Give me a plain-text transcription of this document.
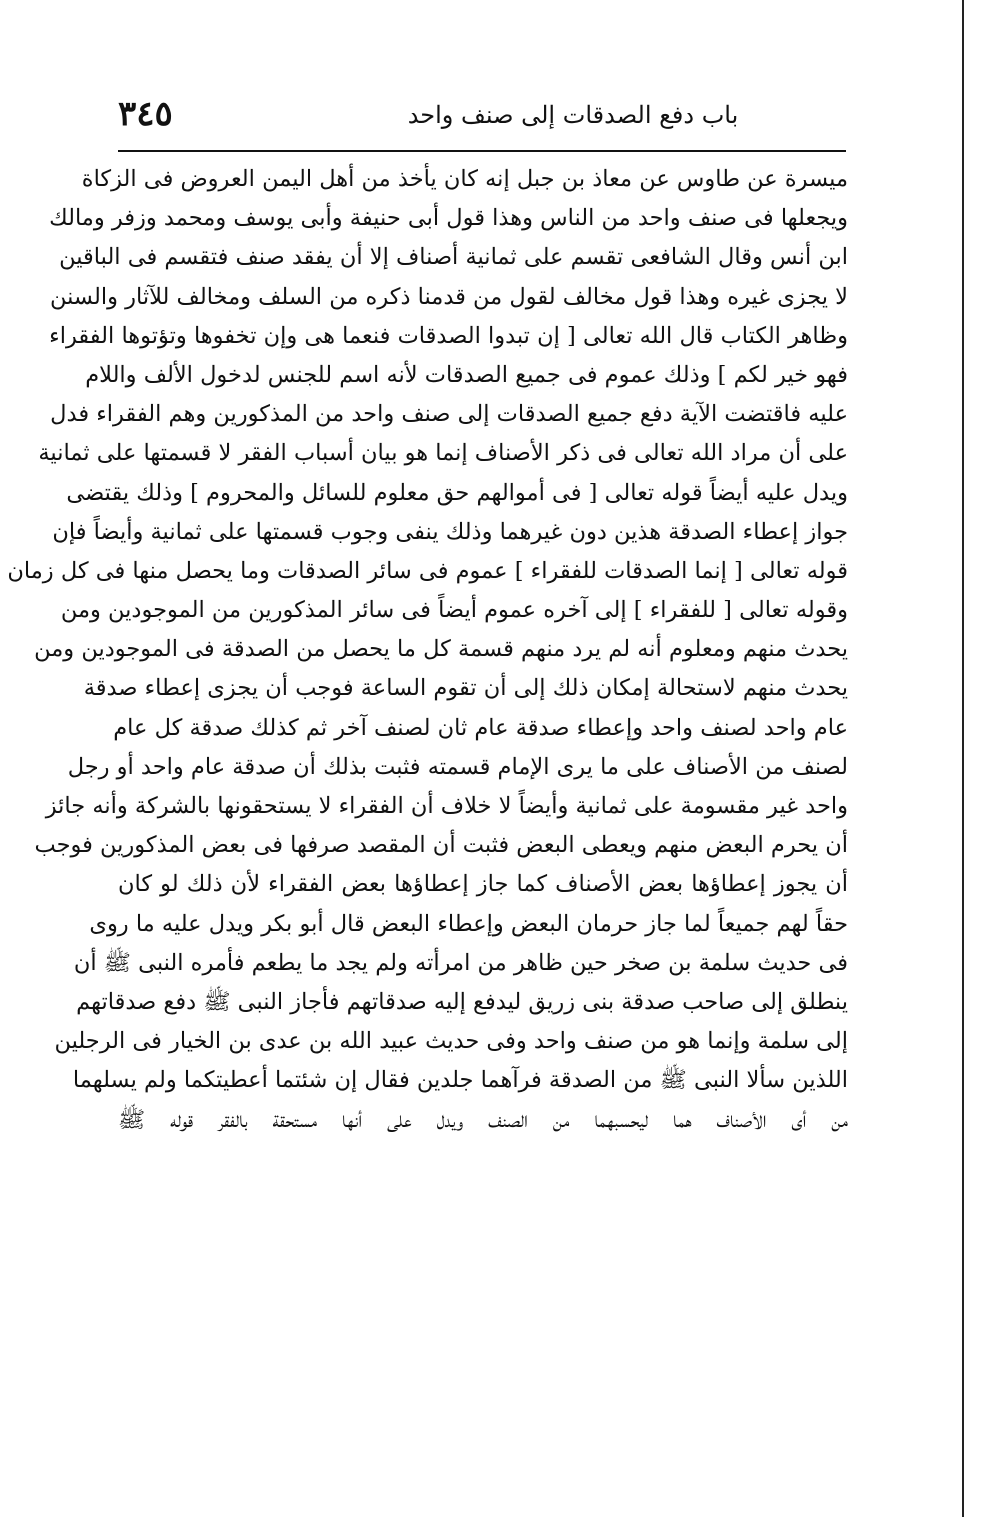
باب دفع الصدقات إلى صنف واحد
٣٤٥
ميسرة عن طاوس عن معاذ بن جبل إنه كان يأخذ من أهل اليمن العروض فى الزكاة
ويجعلها فى صنف واحد من الناس وهذا قول أبى حنيفة وأبى يوسف ومحمد وزفر ومالك
ابن أنس وقال الشافعى تقسم على ثمانية أصناف إلا أن يفقد صنف فتقسم فى الباقين
لا يجزى غيره وهذا قول مخالف لقول من قدمنا ذكره من السلف ومخالف للآثار والسنن
وظاهر الكتاب قال الله تعالى [ إن تبدوا الصدقات فنعما هى وإن تخفوها وتؤتوها الفقراء
فهو خير لكم ] وذلك عموم فى جميع الصدقات لأنه اسم للجنس لدخول الألف واللام
عليه فاقتضت الآية دفع جميع الصدقات إلى صنف واحد من المذكورين وهم الفقراء فدل
على أن مراد الله تعالى فى ذكر الأصناف إنما هو بيان أسباب الفقر لا قسمتها على ثمانية
ويدل عليه أيضاً قوله تعالى [ فى أموالهم حق معلوم للسائل والمحروم ] وذلك يقتضى
جواز إعطاء الصدقة هذين دون غيرهما وذلك ينفى وجوب قسمتها على ثمانية وأيضاً فإن
قوله تعالى [ إنما الصدقات للفقراء ] عموم فى سائر الصدقات وما يحصل منها فى كل زمان
وقوله تعالى [ للفقراء ] إلى آخره عموم أيضاً فى سائر المذكورين من الموجودين ومن
يحدث منهم ومعلوم أنه لم يرد منهم قسمة كل ما يحصل من الصدقة فى الموجودين ومن
يحدث منهم لاستحالة إمكان ذلك إلى أن تقوم الساعة فوجب أن يجزى إعطاء صدقة
عام واحد لصنف واحد وإعطاء صدقة عام ثان لصنف آخر ثم كذلك صدقة كل عام
لصنف من الأصناف على ما يرى الإمام قسمته فثبت بذلك أن صدقة عام واحد أو رجل
واحد غير مقسومة على ثمانية وأيضاً لا خلاف أن الفقراء لا يستحقونها بالشركة وأنه جائز
أن يحرم البعض منهم ويعطى البعض فثبت أن المقصد صرفها فى بعض المذكورين فوجب
أن يجوز إعطاؤها بعض الأصناف كما جاز إعطاؤها بعض الفقراء لأن ذلك لو كان
حقاً لهم جميعاً لما جاز حرمان البعض وإعطاء البعض قال أبو بكر ويدل عليه ما روى
فى حديث سلمة بن صخر حين ظاهر من امرأته ولم يجد ما يطعم فأمره النبى ﷺ أن
ينطلق إلى صاحب صدقة بنى زريق ليدفع إليه صدقاتهم فأجاز النبى ﷺ دفع صدقاتهم
إلى سلمة وإنما هو من صنف واحد وفى حديث عبيد الله بن عدى بن الخيار فى الرجلين
اللذين سألا النبى ﷺ من الصدقة فرآهما جلدين فقال إن شئتما أعطيتكما ولم يسلهما
من أى الأصناف هما ليحسبهما من الصنف ويدل على أنها مستحقة بالفقر قوله ﷺ
